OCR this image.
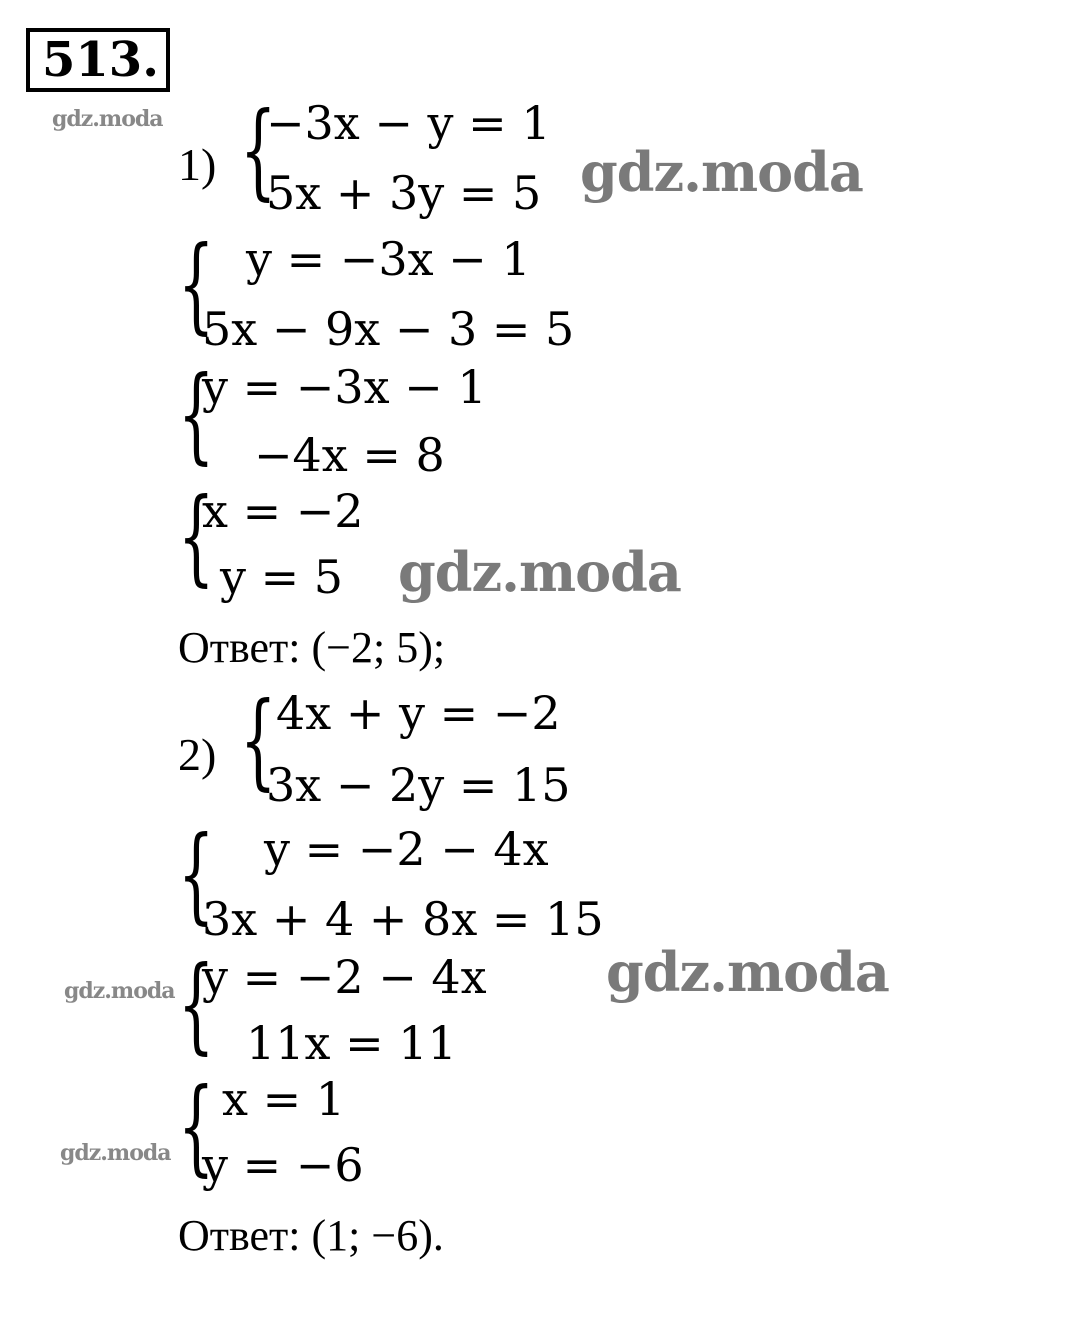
513.
gdz.moda
gdz.moda
gdz.moda
gdz.moda
gdz.moda
gdz.moda
1) {
−3x − y = 1
5x + 3y = 5
{ y = −3x − 1
5x − 9x − 3 = 5
{
y = −3x − 1
−4x = 8
{
x = −2
y = 5
Ответ: (−2; 5);
2) { 4x + y = −2
3x − 2y = 15
{ y = −2 − 4x
3x + 4 + 8x = 15
{
y = −2 − 4x
11x = 11
{ x = 1
y = −6
Ответ: (1; −6).
